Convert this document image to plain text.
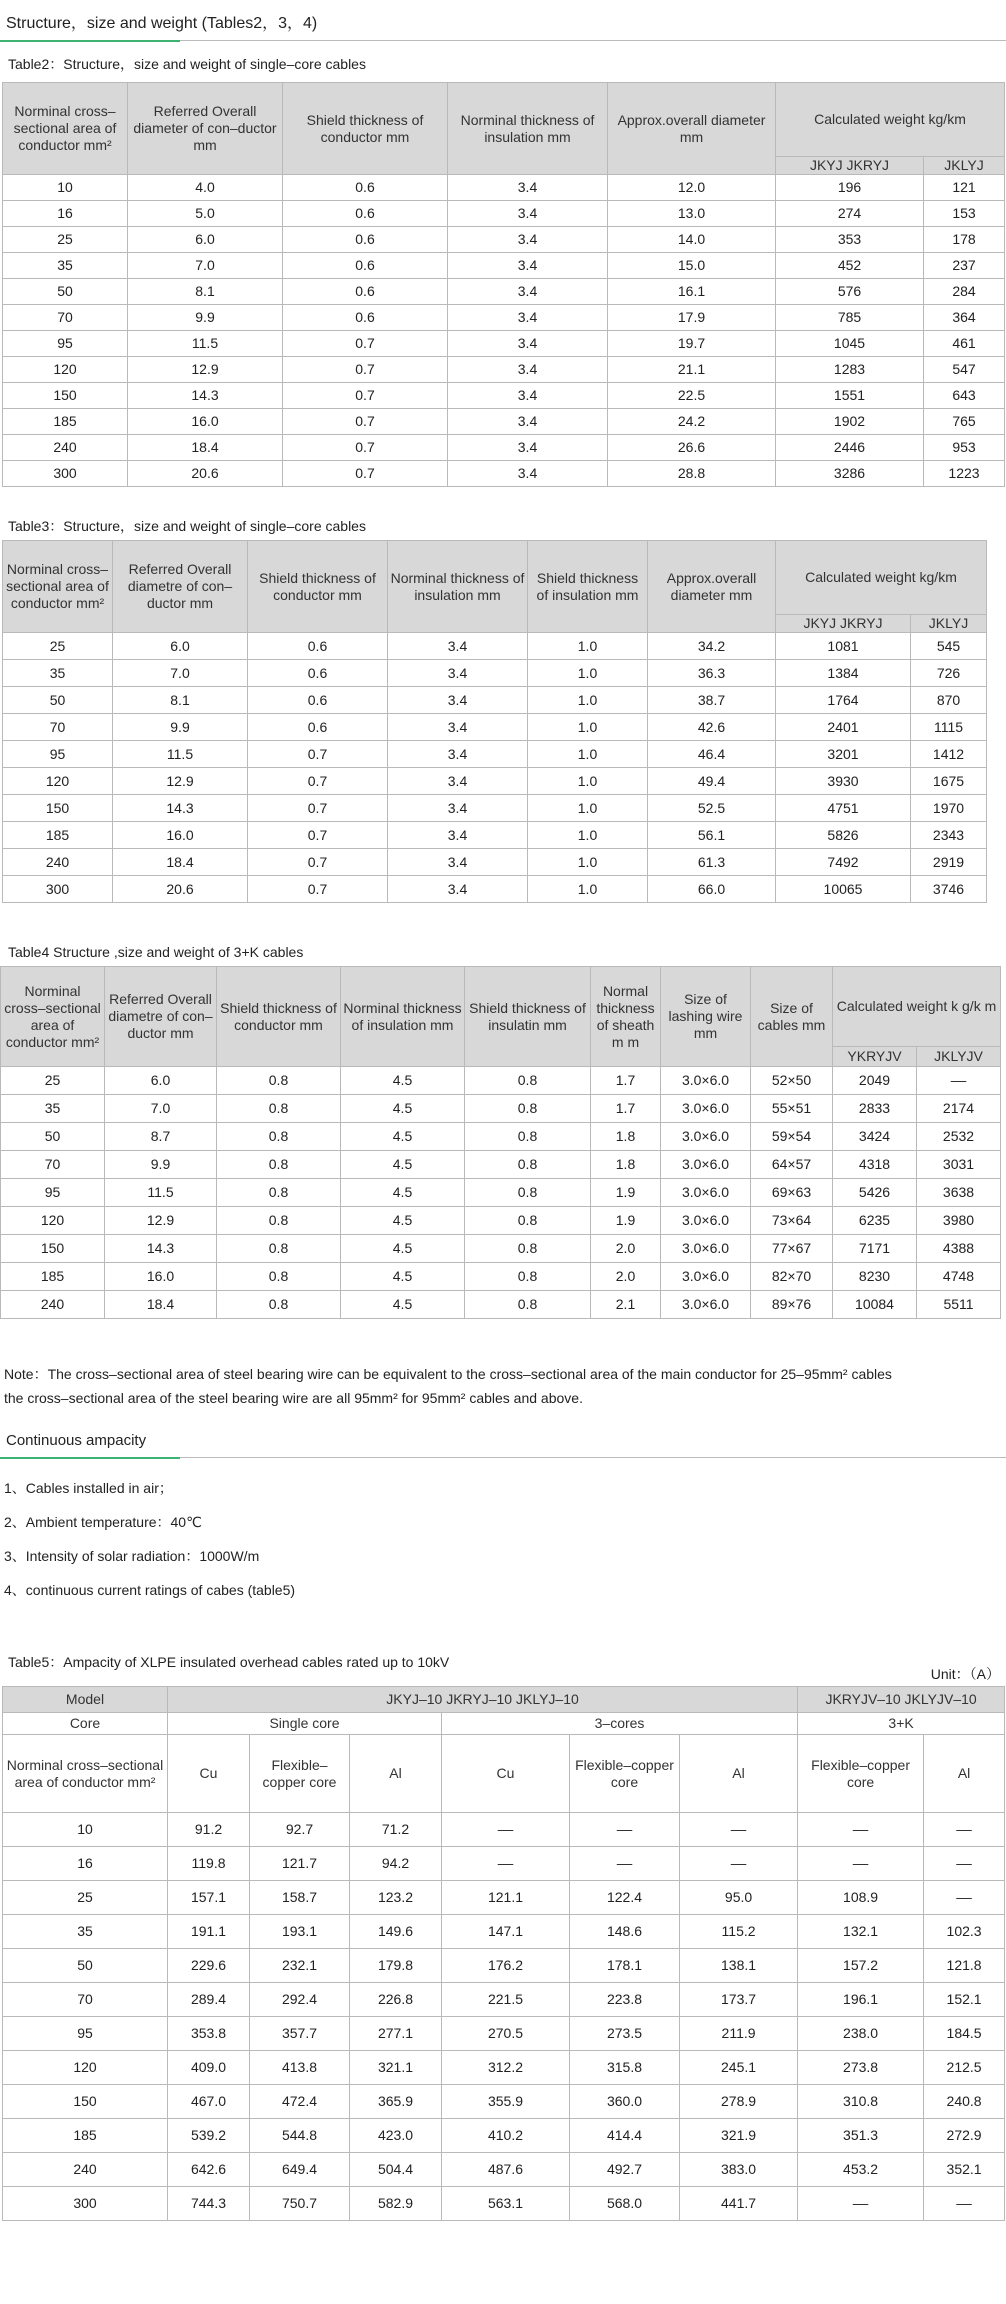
Structure，size and weight (Tables2，3，4)
Table2：Structure，size and weight of single–core cables
Norminal cross–sectional area of conductor mm²	Referred Overall diameter of con–ductor mm	Shield thickness of conductor mm	Norminal thickness of insulation mm	Approx.overall diameter mm	Calculated weight kg/km	
					JKYJ JKRYJ	JKLYJ
10	4.0	0.6	3.4	12.0	196	121
16	5.0	0.6	3.4	13.0	274	153
25	6.0	0.6	3.4	14.0	353	178
35	7.0	0.6	3.4	15.0	452	237
50	8.1	0.6	3.4	16.1	576	284
70	9.9	0.6	3.4	17.9	785	364
95	11.5	0.7	3.4	19.7	1045	461
120	12.9	0.7	3.4	21.1	1283	547
150	14.3	0.7	3.4	22.5	1551	643
185	16.0	0.7	3.4	24.2	1902	765
240	18.4	0.7	3.4	26.6	2446	953
300	20.6	0.7	3.4	28.8	3286	1223
Table3：Structure，size and weight of single–core cables
Norminal cross–sectional area of conductor mm²	Referred Overall diametre of con–ductor mm	Shield thickness of conductor mm	Norminal thickness of insulation mm	Shield thickness of insulation mm	Approx.overall diameter mm	Calculated weight kg/km	
						JKYJ JKRYJ	JKLYJ
25	6.0	0.6	3.4	1.0	34.2	1081	545
35	7.0	0.6	3.4	1.0	36.3	1384	726
50	8.1	0.6	3.4	1.0	38.7	1764	870
70	9.9	0.6	3.4	1.0	42.6	2401	1115
95	11.5	0.7	3.4	1.0	46.4	3201	1412
120	12.9	0.7	3.4	1.0	49.4	3930	1675
150	14.3	0.7	3.4	1.0	52.5	4751	1970
185	16.0	0.7	3.4	1.0	56.1	5826	2343
240	18.4	0.7	3.4	1.0	61.3	7492	2919
300	20.6	0.7	3.4	1.0	66.0	10065	3746
Table4 Structure ,size and weight of 3+K cables
Norminal cross–sectional area of conductor mm²	Referred Overall diametre of con–ductor mm	Shield thickness of conductor mm	Norminal thickness of insulation mm	Shield thickness of insulatin mm	Normal thickness of sheath m m	Size of lashing wire mm	Size of cables mm	Calculated weight k g/k m	
								YKRYJV	JKLYJV
25	6.0	0.8	4.5	0.8	1.7	3.0×6.0	52×50	2049	––
35	7.0	0.8	4.5	0.8	1.7	3.0×6.0	55×51	2833	2174
50	8.7	0.8	4.5	0.8	1.8	3.0×6.0	59×54	3424	2532
70	9.9	0.8	4.5	0.8	1.8	3.0×6.0	64×57	4318	3031
95	11.5	0.8	4.5	0.8	1.9	3.0×6.0	69×63	5426	3638
120	12.9	0.8	4.5	0.8	1.9	3.0×6.0	73×64	6235	3980
150	14.3	0.8	4.5	0.8	2.0	3.0×6.0	77×67	7171	4388
185	16.0	0.8	4.5	0.8	2.0	3.0×6.0	82×70	8230	4748
240	18.4	0.8	4.5	0.8	2.1	3.0×6.0	89×76	10084	5511
Note：The cross–sectional area of steel bearing wire can be equivalent to the cross–sectional area of the main conductor for 25–95mm² cables
the cross–sectional area of the steel bearing wire are all 95mm² for 95mm² cables and above.
Continuous ampacity
1、Cables installed in air；
2、Ambient temperature：40℃
3、Intensity of solar radiation：1000W/m
4、continuous current ratings of cabes (table5)
Table5：Ampacity of XLPE insulated overhead cables rated up to 10kV
Unit：（A）
Model	JKYJ–10 JKRYJ–10 JKLYJ–10						JKRYJV–10 JKLYJV–10	
Core	Single core			3–cores			3+K	
Norminal cross–sectional area of conductor mm²	Cu	Flexible–copper core	Al	Cu	Flexible–copper core	Al	Flexible–copper core	Al
10	91.2	92.7	71.2	––	––	––	––	––
16	119.8	121.7	94.2	––	––	––	––	––
25	157.1	158.7	123.2	121.1	122.4	95.0	108.9	––
35	191.1	193.1	149.6	147.1	148.6	115.2	132.1	102.3
50	229.6	232.1	179.8	176.2	178.1	138.1	157.2	121.8
70	289.4	292.4	226.8	221.5	223.8	173.7	196.1	152.1
95	353.8	357.7	277.1	270.5	273.5	211.9	238.0	184.5
120	409.0	413.8	321.1	312.2	315.8	245.1	273.8	212.5
150	467.0	472.4	365.9	355.9	360.0	278.9	310.8	240.8
185	539.2	544.8	423.0	410.2	414.4	321.9	351.3	272.9
240	642.6	649.4	504.4	487.6	492.7	383.0	453.2	352.1
300	744.3	750.7	582.9	563.1	568.0	441.7	––	––
